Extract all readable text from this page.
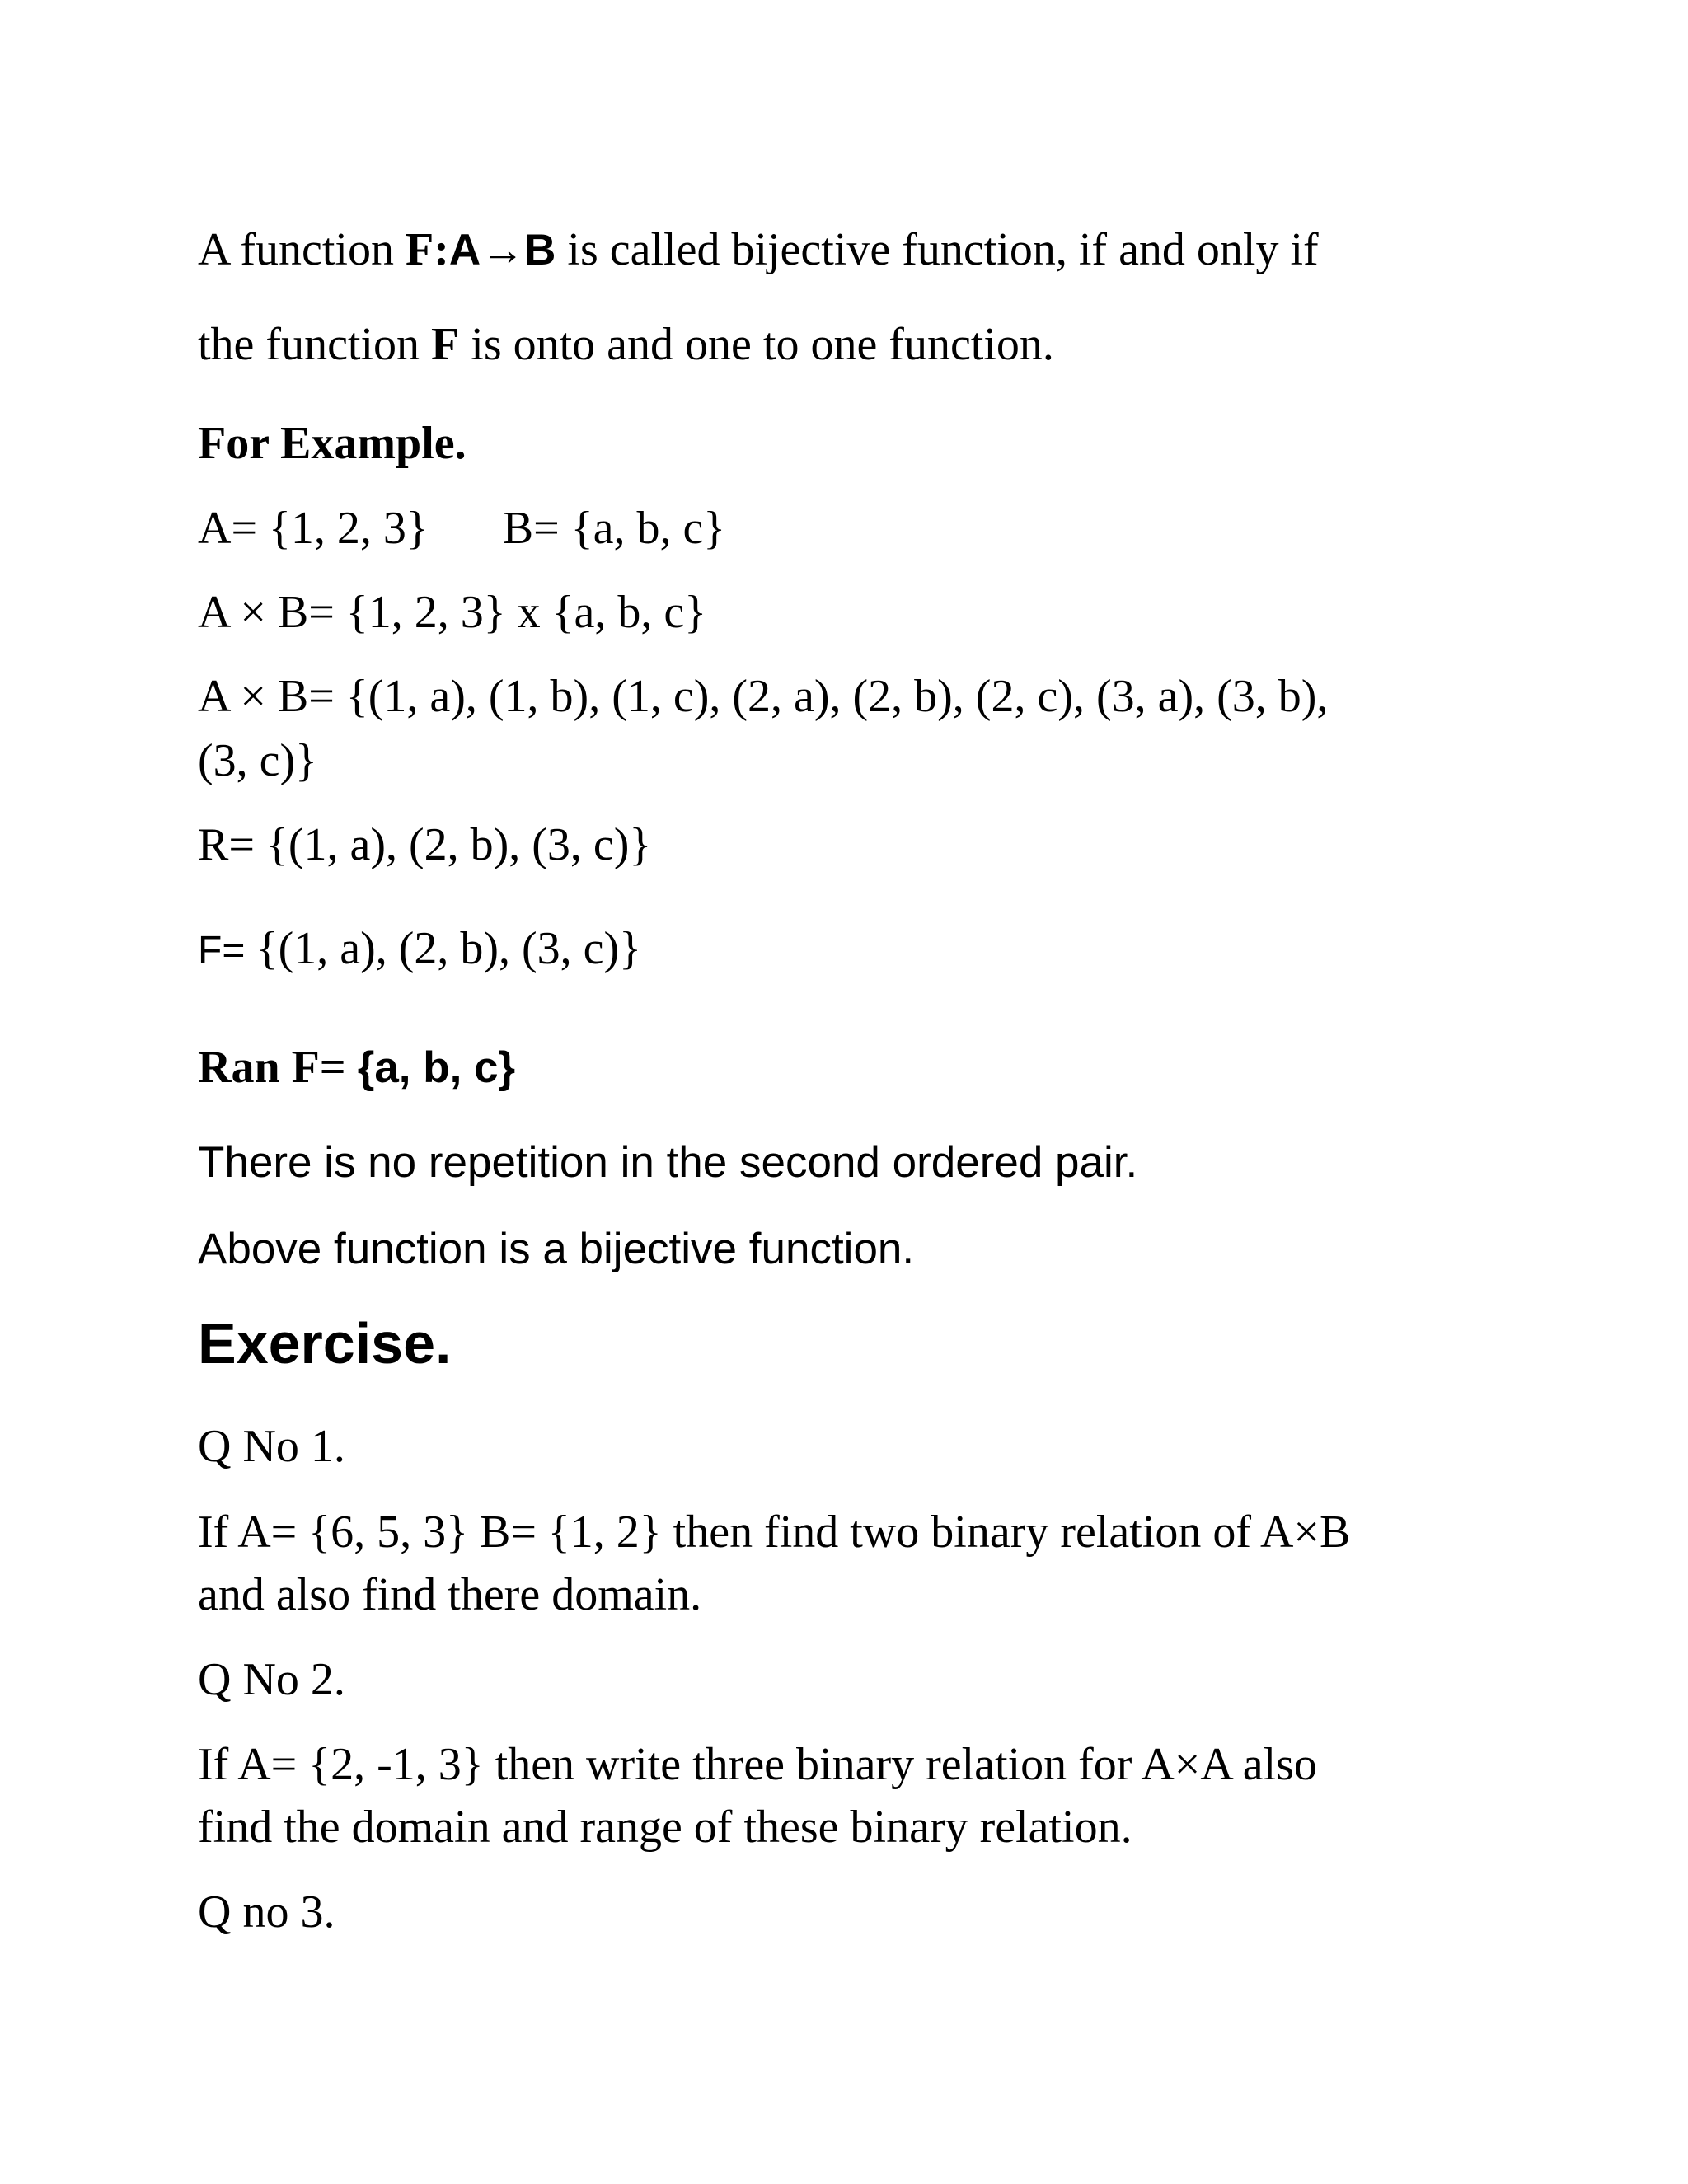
A function F:A→B is called bijective function, if and only if

the function F is onto and one to one function.

For Example.

A= {1, 2, 3} B= {a, b, c}

A × B= {1, 2, 3} x {a, b, c}

A × B= {(1, a), (1, b), (1, c), (2, a), (2, b), (2, c), (3, a), (3, b),

(3, c)}

R= {(1, a), (2, b), (3, c)}

F= {(1, a), (2, b), (3, c)}

Ran F= {a, b, c}

There is no repetition in the second ordered pair.

Above function is a bijective function.

Exercise.

Q No 1.

If A= {6, 5, 3} B= {1, 2} then find two binary relation of A×B

and also find there domain.

Q No 2.

If A= {2, -1, 3} then write three binary relation for A×A also

find the domain and range of these binary relation.

Q no 3.
